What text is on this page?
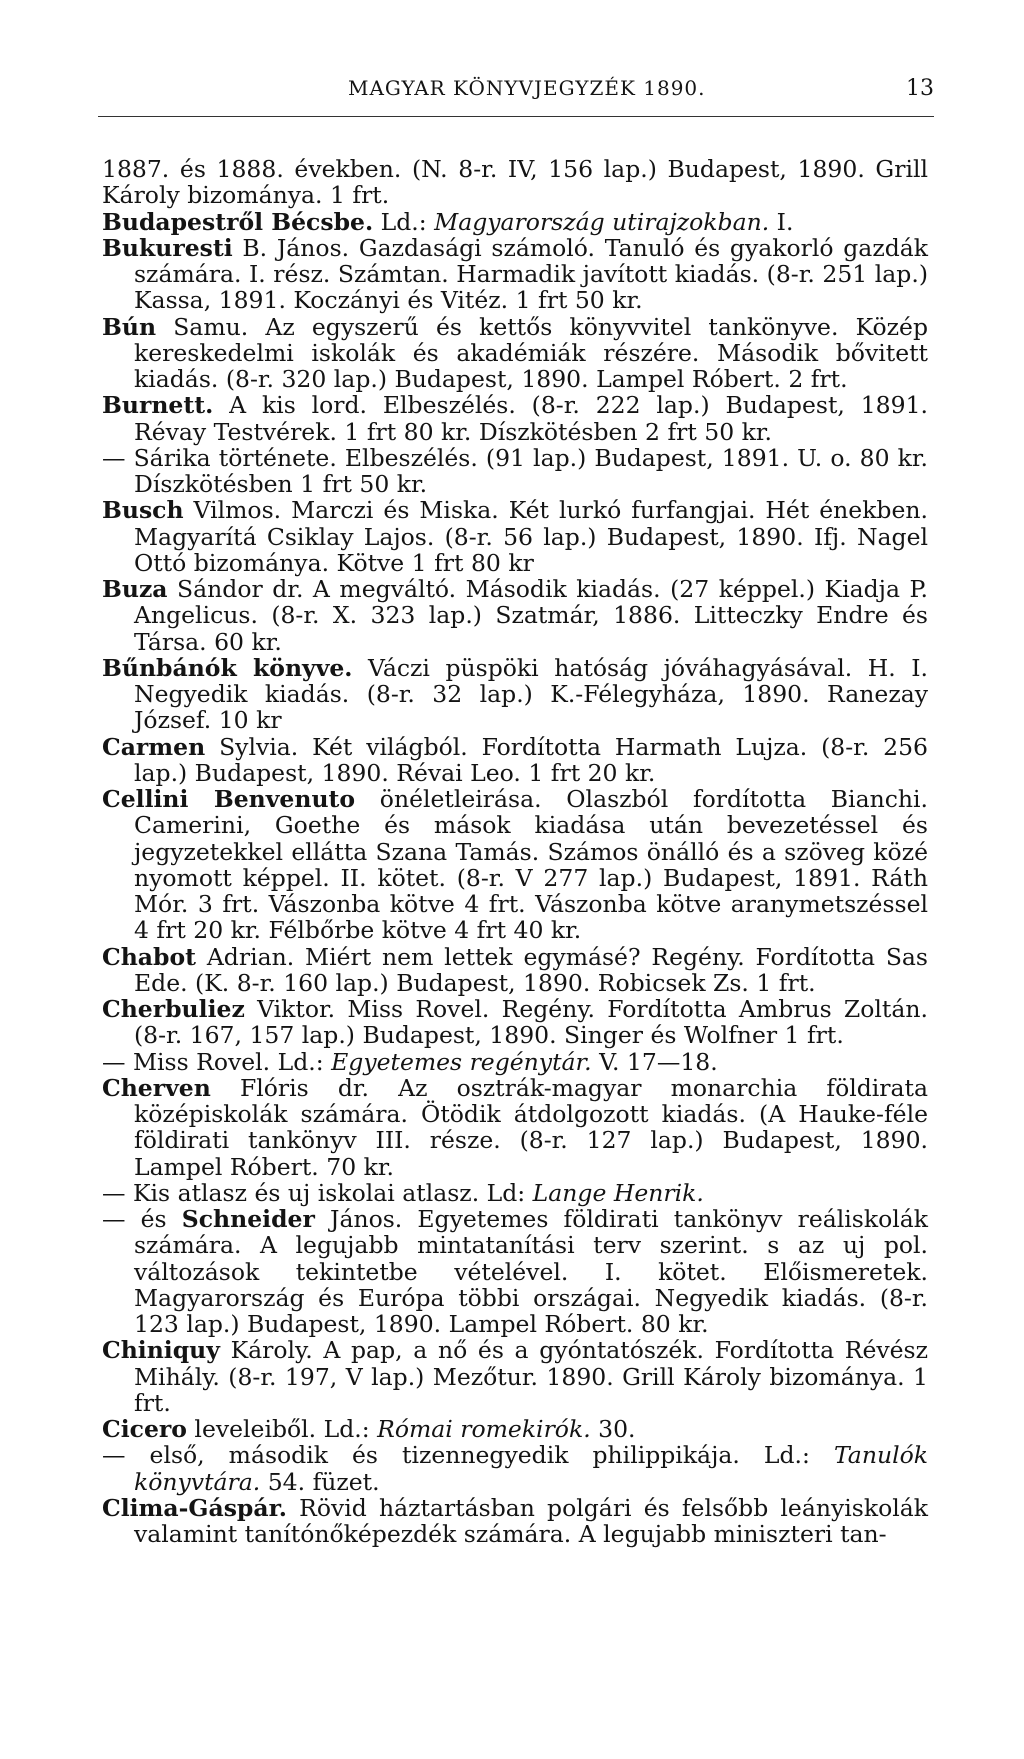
MAGYAR KÖNYVJEGYZÉK 1890.	13

1887. és 1888. években. (N. 8-r. IV, 156 lap.) Budapest, 1890. Grill Károly bizománya. 1 frt.

Budapestről Bécsbe. Ld.: Magyarország utirajzokban. I.

Bukuresti B. János. Gazdasági számoló. Tanuló és gyakorló gazdák számára. I. rész. Számtan. Harmadik javított kiadás. (8-r. 251 lap.) Kassa, 1891. Koczányi és Vitéz. 1 frt 50 kr.

Bún Samu. Az egyszerű és kettős könyvvitel tankönyve. Közép kereskedelmi iskolák és akadémiák részére. Második bővitett kiadás. (8-r. 320 lap.) Budapest, 1890. Lampel Róbert. 2 frt.

Burnett. A kis lord. Elbeszélés. (8-r. 222 lap.) Budapest, 1891. Révay Testvérek. 1 frt 80 kr. Díszkötésben 2 frt 50 kr.

— Sárika története. Elbeszélés. (91 lap.) Budapest, 1891. U. o. 80 kr. Díszkötésben 1 frt 50 kr.

Busch Vilmos. Marczi és Miska. Két lurkó furfangjai. Hét énekben. Magyarítá Csiklay Lajos. (8-r. 56 lap.) Budapest, 1890. Ifj. Nagel Ottó bizománya. Kötve 1 frt 80 kr

Buza Sándor dr. A megváltó. Második kiadás. (27 képpel.) Kiadja P. Angelicus. (8-r. X. 323 lap.) Szatmár, 1886. Litteczky Endre és Társa. 60 kr.

Bűnbánók könyve. Váczi püspöki hatóság jóváhagyásával. H. I. Negyedik kiadás. (8-r. 32 lap.) K.-Félegyháza, 1890. Ranezay József. 10 kr

Carmen Sylvia. Két világból. Fordította Harmath Lujza. (8-r. 256 lap.) Budapest, 1890. Révai Leo. 1 frt 20 kr.

Cellini Benvenuto önéletleirása. Olaszból fordította Bianchi. Camerini, Goethe és mások kiadása után bevezetéssel és jegyzetekkel ellátta Szana Tamás. Számos önálló és a szöveg közé nyomott képpel. II. kötet. (8-r. V 277 lap.) Budapest, 1891. Ráth Mór. 3 frt. Vászonba kötve 4 frt. Vászonba kötve aranymetszéssel 4 frt 20 kr. Félbőrbe kötve 4 frt 40 kr.

Chabot Adrian. Miért nem lettek egymásé? Regény. Fordította Sas Ede. (K. 8-r. 160 lap.) Budapest, 1890. Robicsek Zs. 1 frt.

Cherbuliez Viktor. Miss Rovel. Regény. Fordította Ambrus Zoltán. (8-r. 167, 157 lap.) Budapest, 1890. Singer és Wolfner 1 frt.

— Miss Rovel. Ld.: Egyetemes regénytár. V. 17—18.

Cherven Flóris dr. Az osztrák-magyar monarchia földirata középiskolák számára. Ötödik átdolgozott kiadás. (A Hauke-féle földirati tankönyv III. része. (8-r. 127 lap.) Budapest, 1890. Lampel Róbert. 70 kr.

— Kis atlasz és uj iskolai atlasz. Ld: Lange Henrik.

— és Schneider János. Egyetemes földirati tankönyv reáliskolák számára. A legujabb mintatanítási terv szerint. s az uj pol. változások tekintetbe vételével. I. kötet. Előismeretek. Magyarország és Európa többi országai. Negyedik kiadás. (8-r. 123 lap.) Budapest, 1890. Lampel Róbert. 80 kr.

Chiniquy Károly. A pap, a nő és a gyóntatószék. Fordította Révész Mihály. (8-r. 197, V lap.) Mezőtur. 1890. Grill Károly bizománya. 1 frt.

Cicero leveleiből. Ld.: Római romekirók. 30.

— első, második és tizennegyedik philippikája. Ld.: Tanulók könyvtára. 54. füzet.

Clima-Gáspár. Rövid háztartásban polgári és felsőbb leányiskolák valamint tanítónőképezdék számára. A legujabb miniszteri tan-
